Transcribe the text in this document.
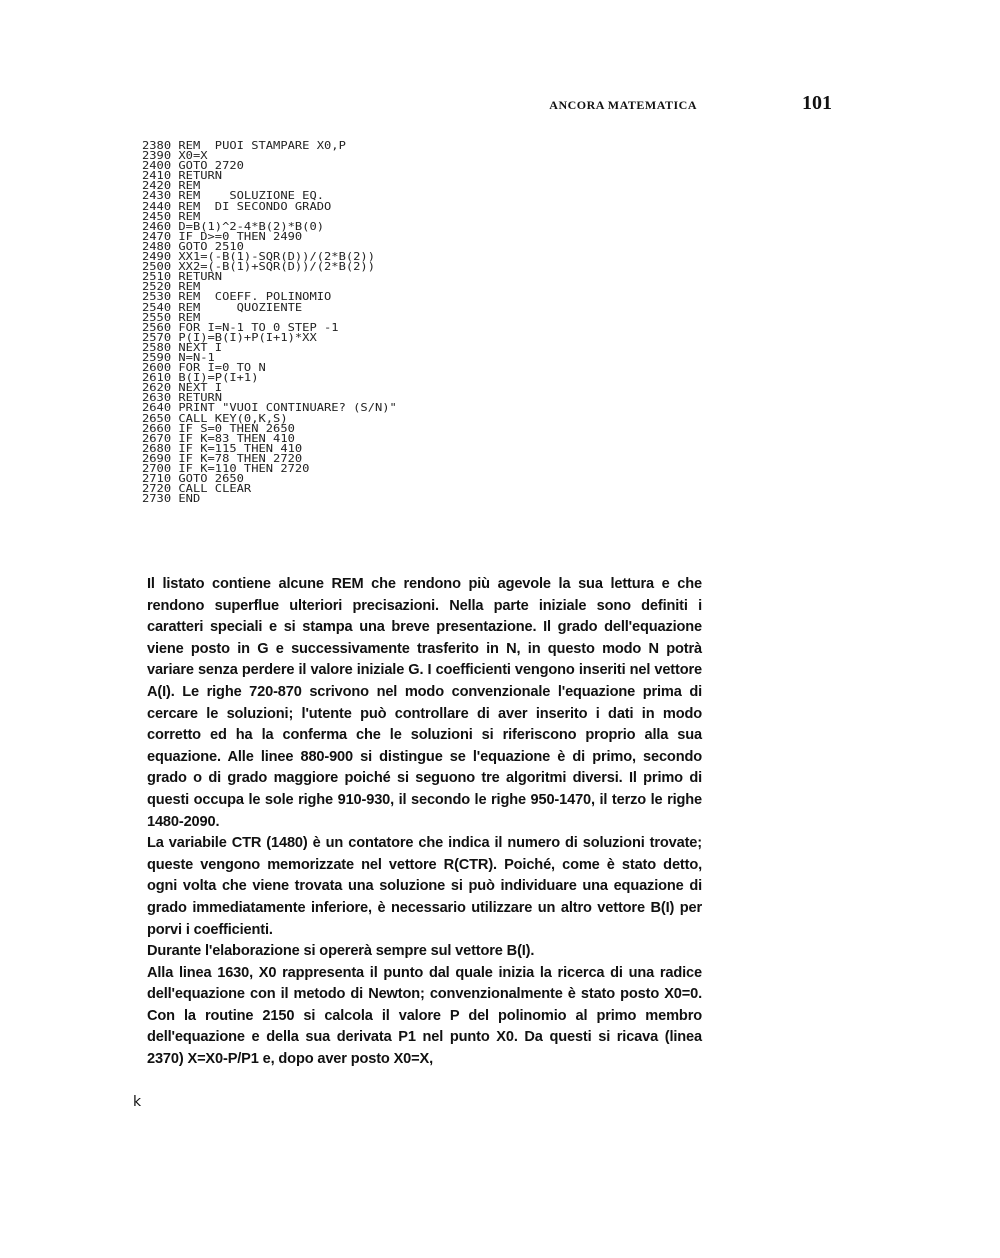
ANCORA MATEMATICA	101
2380 REM  PUOI STAMPARE X0,P
2390 X0=X
2400 GOTO 2720
2410 RETURN
2420 REM
2430 REM    SOLUZIONE EQ.
2440 REM  DI SECONDO GRADO
2450 REM
2460 D=B(1)^2-4*B(2)*B(0)
2470 IF D>=0 THEN 2490
2480 GOTO 2510
2490 XX1=(-B(1)-SQR(D))/(2*B(2))
2500 XX2=(-B(1)+SQR(D))/(2*B(2))
2510 RETURN
2520 REM
2530 REM  COEFF. POLINOMIO
2540 REM     QUOZIENTE
2550 REM
2560 FOR I=N-1 TO 0 STEP -1
2570 P(I)=B(I)+P(I+1)*XX
2580 NEXT I
2590 N=N-1
2600 FOR I=0 TO N
2610 B(I)=P(I+1)
2620 NEXT I
2630 RETURN
2640 PRINT "VUOI CONTINUARE? (S/N)"
2650 CALL KEY(0,K,S)
2660 IF S=0 THEN 2650
2670 IF K=83 THEN 410
2680 IF K=115 THEN 410
2690 IF K=78 THEN 2720
2700 IF K=110 THEN 2720
2710 GOTO 2650
2720 CALL CLEAR
2730 END

Il listato contiene alcune REM che rendono più agevole la sua lettura e che rendono superflue ulteriori precisazioni. Nella parte iniziale sono definiti i caratteri speciali e si stampa una breve presentazione. Il grado dell'equazione viene posto in G e successivamente trasferito in N, in questo modo N potrà variare senza perdere il valore iniziale G. I coefficienti vengono inseriti nel vettore A(I). Le righe 720-870 scrivono nel modo convenzionale l'equazione prima di cercare le soluzioni; l'utente può controllare di aver inserito i dati in modo corretto ed ha la conferma che le soluzioni si riferiscono proprio alla sua equazione. Alle linee 880-900 si distingue se l'equazione è di primo, secondo grado o di grado maggiore poiché si seguono tre algoritmi diversi. Il primo di questi occupa le sole righe 910-930, il secondo le righe 950-1470, il terzo le righe 1480-2090.

La variabile CTR (1480) è un contatore che indica il numero di soluzioni trovate; queste vengono memorizzate nel vettore R(CTR). Poiché, come è stato detto, ogni volta che viene trovata una soluzione si può individuare una equazione di grado immediatamente inferiore, è necessario utilizzare un altro vettore B(I) per porvi i coefficienti.

Durante l'elaborazione si opererà sempre sul vettore B(I).

Alla linea 1630, X0 rappresenta il punto dal quale inizia la ricerca di una radice dell'equazione con il metodo di Newton; convenzionalmente è stato posto X0=0. Con la routine 2150 si calcola il valore P del polinomio al primo membro dell'equazione e della sua derivata P1 nel punto X0. Da questi si ricava (linea 2370) X=X0-P/P1 e, dopo aver posto X0=X,

k
